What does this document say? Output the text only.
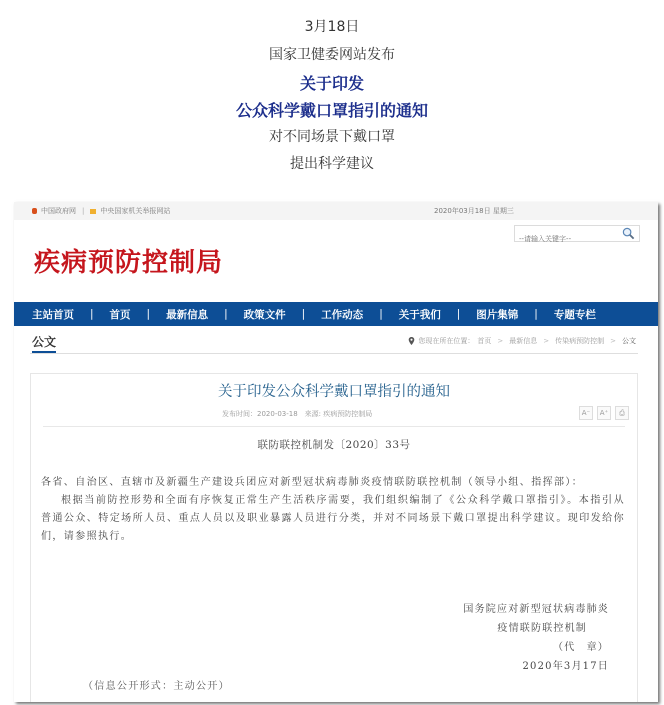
3月18日
国家卫健委网站发布
关于印发
公众科学戴口罩指引的通知
对不同场景下戴口罩
提出科学建议
中国政府网 | 中央国家机关举报网站	2020年03月18日 星期三
疾病预防控制局
--请输入关键字--
主站首页 | 首页 | 最新信息 | 政策文件 | 工作动态 | 关于我们 | 图片集锦 | 专题专栏
公文	您现在所在位置： 首页 > 最新信息 > 传染病预防控制 > 公文
关于印发公众科学戴口罩指引的通知
发布时间：2020-03-18　来源: 疾病预防控制局	A⁻	A⁺	⎙
联防联控机制发〔2020〕33号

各省、自治区、直辖市及新疆生产建设兵团应对新型冠状病毒肺炎疫情联防联控机制（领导小组、指挥部）：

根据当前防控形势和全面有序恢复正常生产生活秩序需要，我们组织编制了《公众科学戴口罩指引》。本指引从普通公众、特定场所人员、重点人员以及职业暴露人员进行分类，并对不同场景下戴口罩提出科学建议。现印发给你们，请参照执行。

国务院应对新型冠状病毒肺炎
疫情联防联控机制
（代　章）
2020年3月17日
（信息公开形式：主动公开）
